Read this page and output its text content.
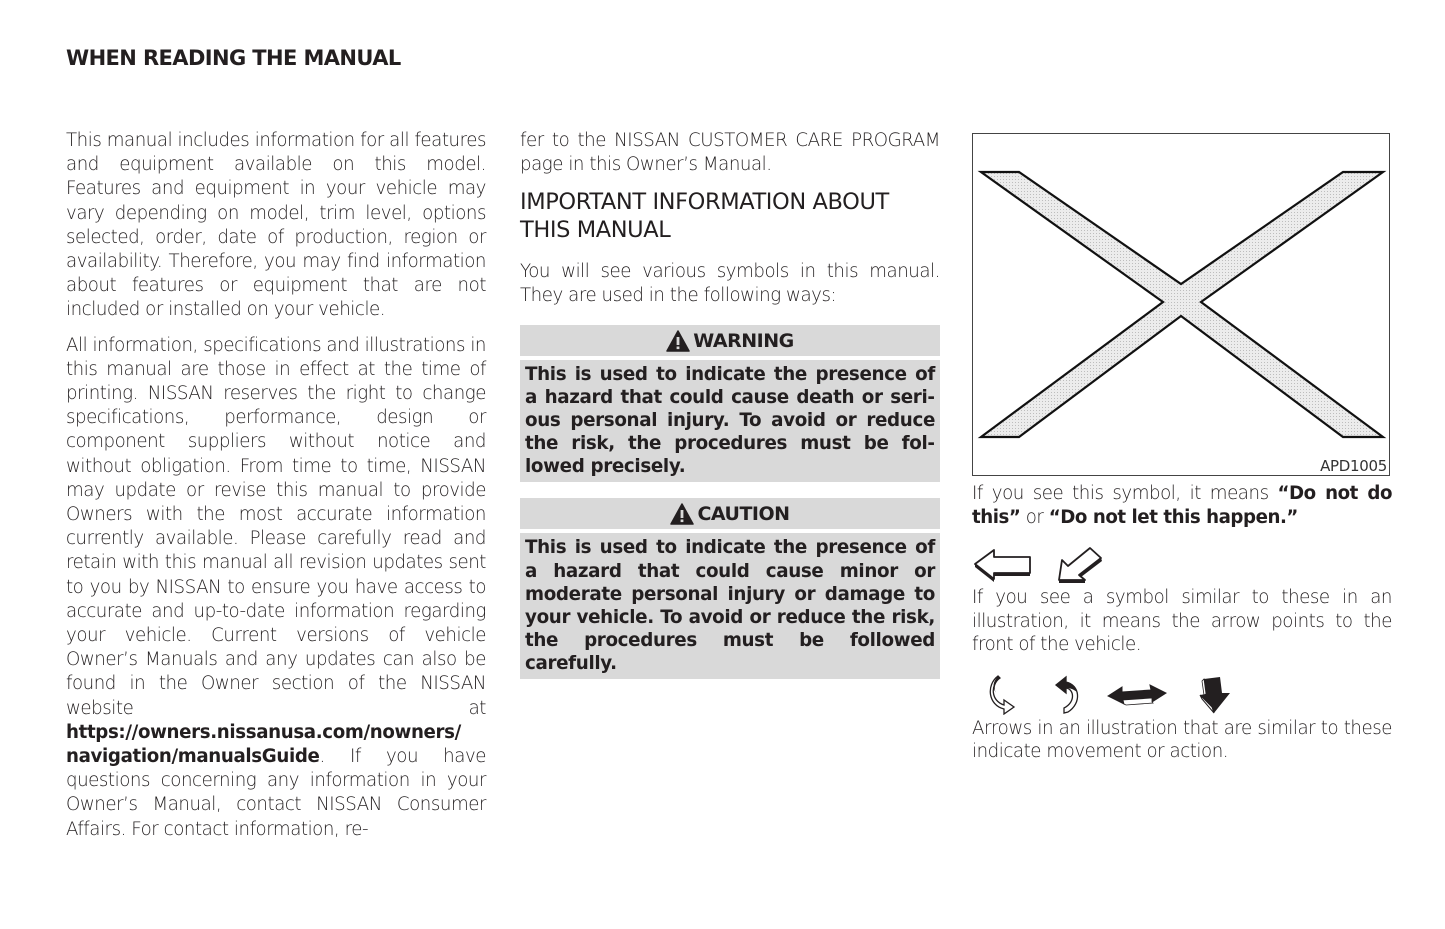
WHEN READING THE MANUAL

This manual includes information for all features and equipment available on this model. Features and equipment in your vehicle may vary depending on model, trim level, options selected, order, date of production, region or availability. Therefore, you may find information about features or equipment that are not included or installed on your vehicle.

All information, specifications and illustrations in this manual are those in effect at the time of printing. NISSAN reserves the right to change specifications, performance, design or component suppliers without notice and without obligation. From time to time, NISSAN may update or revise this manual to provide Owners with the most accurate information currently available. Please carefully read and retain with this manual all revision updates sent to you by NISSAN to ensure you have access to accurate and up-to-date information regarding your vehicle. Current versions of vehicle Owner’s Manuals and any updates can also be found in the Owner section of the NISSAN website at https://owners.nissanusa.com/nowners/​navigation/manualsGuide. If you have questions concerning any information in your Owner’s Manual, contact NISSAN Consumer Affairs. For contact information, re-

fer to the NISSAN CUSTOMER CARE PROGRAM page in this Owner’s Manual.

IMPORTANT INFORMATION ABOUT THIS MANUAL

You will see various symbols in this manual. They are used in the following ways:

WARNING
This is used to indicate the presence of a hazard that could cause death or serious personal injury. To avoid or reduce the risk, the procedures must be followed precisely.
CAUTION
This is used to indicate the presence of a hazard that could cause minor or moderate personal injury or damage to your vehicle. To avoid or reduce the risk, the procedures must be followed carefully.
APD1005

If you see this symbol, it means “Do not do this” or “Do not let this happen.”

If you see a symbol similar to these in an illustration, it means the arrow points to the front of the vehicle.

Arrows in an illustration that are similar to these indicate movement or action.
